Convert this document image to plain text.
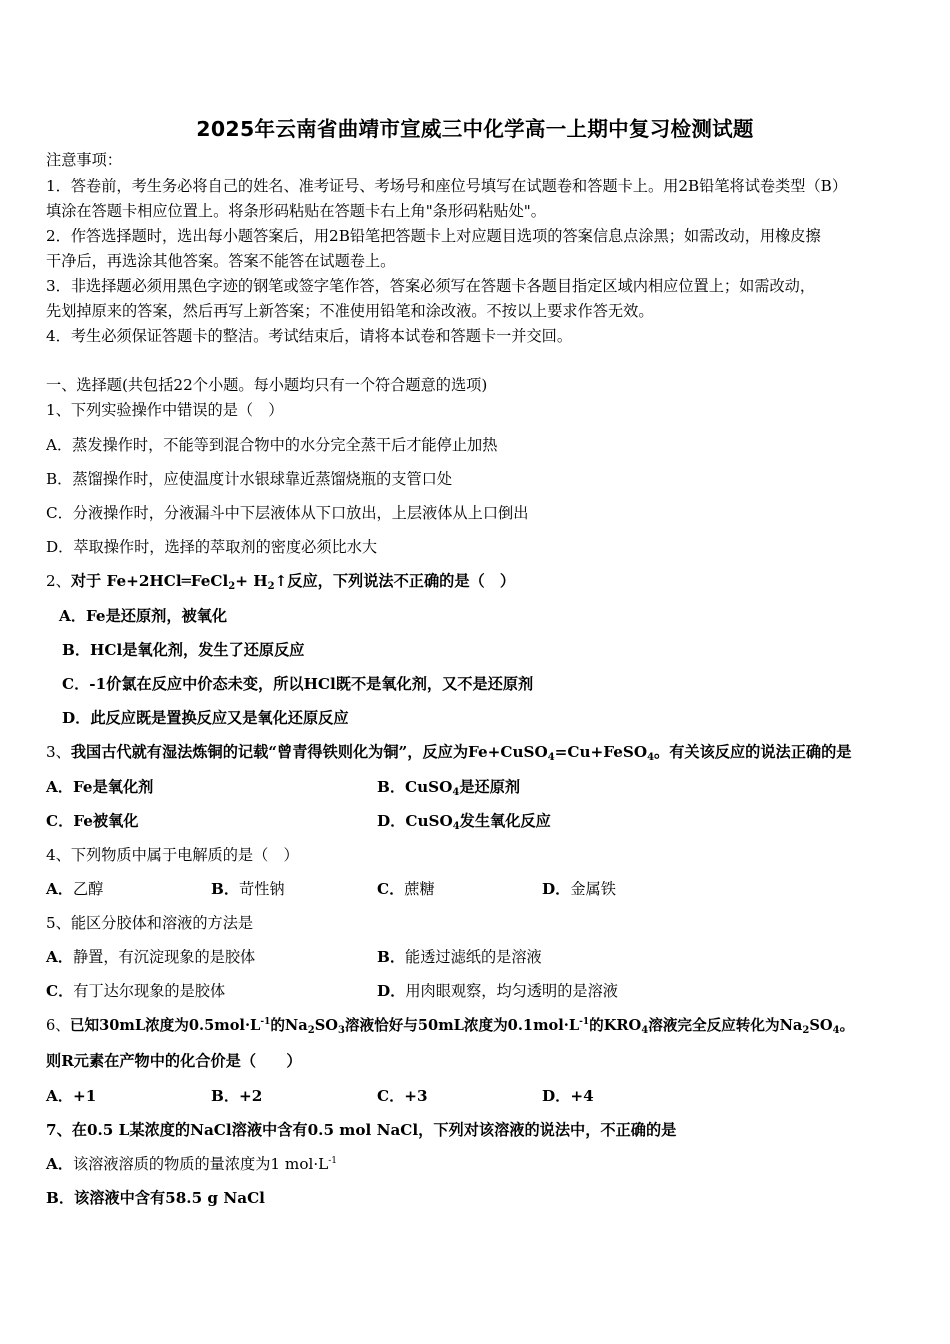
2025年云南省曲靖市宣威三中化学高一上期中复习检测试题
注意事项：
1．答卷前，考生务必将自己的姓名、准考证号、考场号和座位号填写在试题卷和答题卡上。用2B铅笔将试卷类型（B）
填涂在答题卡相应位置上。将条形码粘贴在答题卡右上角"条形码粘贴处"。
2．作答选择题时，选出每小题答案后，用2B铅笔把答题卡上对应题目选项的答案信息点涂黑；如需改动，用橡皮擦
干净后，再选涂其他答案。答案不能答在试题卷上。
3．非选择题必须用黑色字迹的钢笔或签字笔作答，答案必须写在答题卡各题目指定区域内相应位置上；如需改动，
先划掉原来的答案，然后再写上新答案；不准使用铅笔和涂改液。不按以上要求作答无效。
4．考生必须保证答题卡的整洁。考试结束后，请将本试卷和答题卡一并交回。
一、选择题(共包括22个小题。每小题均只有一个符合题意的选项)
1、下列实验操作中错误的是（　）
A．蒸发操作时，不能等到混合物中的水分完全蒸干后才能停止加热
B．蒸馏操作时，应使温度计水银球靠近蒸馏烧瓶的支管口处
C．分液操作时，分液漏斗中下层液体从下口放出，上层液体从上口倒出
D．萃取操作时，选择的萃取剂的密度必须比水大
2、对于 Fe+2HCl═FeCl$_2$+ $H_2↑$反应，下列说法不正确的是（　）
A．Fe是还原剂，被氧化
B．HCl是氧化剂，发生了还原反应
C．-1价氯在反应中价态未变，所以HCl既不是氧化剂，又不是还原剂
D．此反应既是置换反应又是氧化还原反应
3、我国古代就有湿法炼铜的记载“曾青得铁则化为铜”，反应为Fe+CuSO$_4$=Cu+FeSO$_4$。有关该反应的说法正确的是
A．Fe是氧化剂	B．CuSO$_4$是还原剂
C．Fe被氧化	D．CuSO$_4$发生氧化反应
4、下列物质中属于电解质的是（　）
A．乙醇	B．苛性钠	C．蔗糖	D．金属铁
5、能区分胶体和溶液的方法是
A．静置，有沉淀现象的是胶体	B．能透过滤纸的是溶液
C．有丁达尔现象的是胶体	D．用肉眼观察，均匀透明的是溶液
6、已知30mL浓度为$0.5mol\cdot L^{-1}$的$Na_2SO_3$溶液恰好与50mL浓度为$0.1mol\cdot L^{-1}$的$KRO_4$溶液完全反应转化为$Na_2SO_4$。
则R元素在产物中的化合价是（　　）
A．+1	B．+2	C．+3	D．+4
7、在0.5 L某浓度的NaCl溶液中含有0.5 mol NaCl，下列对该溶液的说法中，不正确的是
A．该溶液溶质的物质的量浓度为1 $mol\cdot L^{-1}$
B．该溶液中含有58.5 g NaCl
